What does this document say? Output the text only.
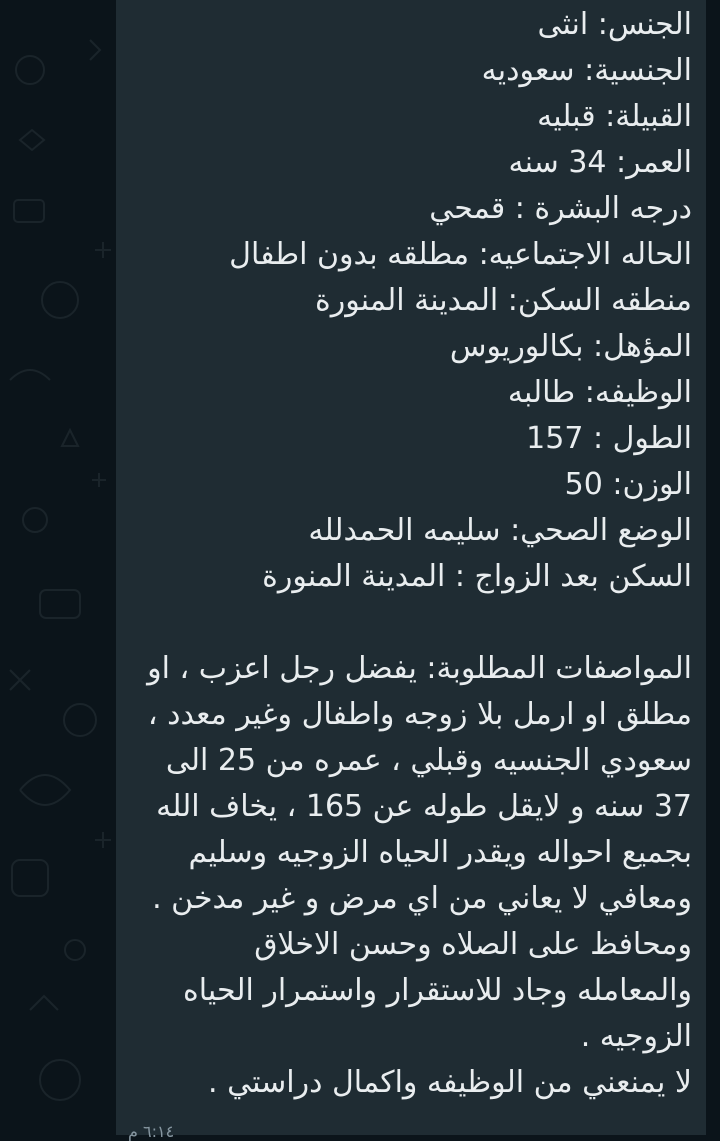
الجنس: انثى
الجنسية: سعوديه
القبيلة: قبليه
العمر: 34 سنه
درجه البشرة : قمحي
الحاله الاجتماعيه: مطلقه بدون اطفال
منطقه السكن: المدينة المنورة
المؤهل: بكالوريوس
الوظيفه: طالبه
الطول : 157
الوزن: 50
الوضع الصحي: سليمه الحمدلله
السكن بعد الزواج : المدينة المنورة
المواصفات المطلوبة: يفضل رجل اعزب ، او
مطلق او ارمل بلا زوجه واطفال وغير معدد ،
سعودي الجنسيه وقبلي ، عمره من 25 الى
37 سنه و لايقل طوله عن 165 ، يخاف الله
بجميع احواله ويقدر الحياه الزوجيه وسليم
ومعافي لا يعاني من اي مرض و غير مدخن .
ومحافظ على الصلاه وحسن الاخلاق
والمعامله وجاد للاستقرار واستمرار الحياه
الزوجيه .
لا يمنعني من الوظيفه واكمال دراستي .
٦:١٤ م
